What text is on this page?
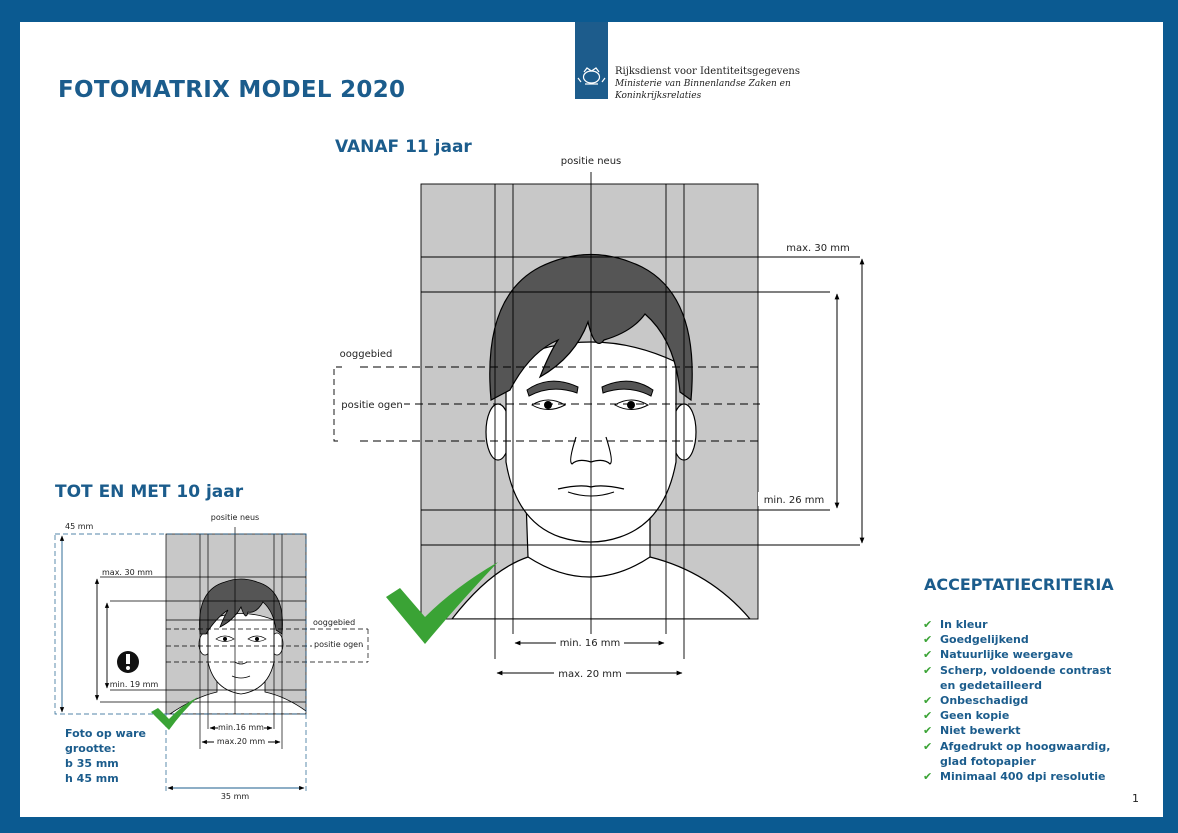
FOTOMATRIX MODEL 2020
Rijksdienst voor Identiteitsgegevens
Ministerie van Binnenlandse Zaken en
Koninkrijksrelaties
VANAF 11 jaar
TOT EN MET 10 jaar
positie neus
max. 30 mm
ooggebied
positie ogen
min. 26 mm
min. 16 mm
max. 20 mm
45 mm
positie neus
max. 30 mm
ooggebied
positie ogen
min. 19 mm
min.16 mm
max.20 mm
35 mm
Foto op ware
grootte:
b 35 mm
h 45 mm
ACCEPTATIECRITERIA
✔ In kleur
✔ Goedgelijkend
✔ Natuurlijke weergave
✔ Scherp, voldoende contrast
en gedetailleerd
✔ Onbeschadigd
✔ Geen kopie
✔ Niet bewerkt
✔ Afgedrukt op hoogwaardig,
glad fotopapier
✔ Minimaal 400 dpi resolutie
1
